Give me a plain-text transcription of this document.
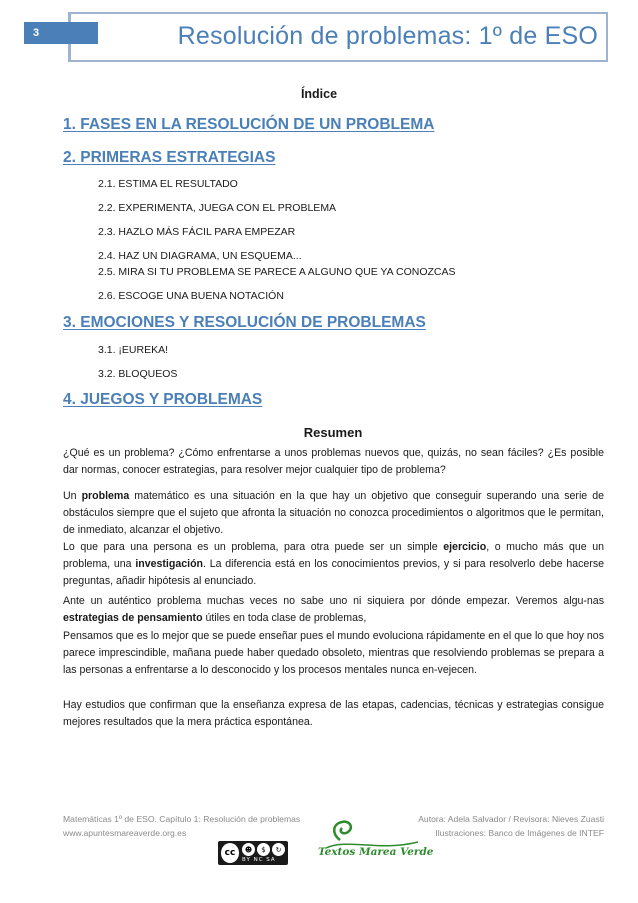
3	Resolución de problemas: 1º de ESO
Índice
1. FASES EN LA RESOLUCIÓN DE UN PROBLEMA
2. PRIMERAS ESTRATEGIAS
2.1. ESTIMA EL RESULTADO
2.2. EXPERIMENTA, JUEGA CON EL PROBLEMA
2.3. HAZLO MÁS FÁCIL PARA EMPEZAR
2.4. HAZ UN DIAGRAMA, UN ESQUEMA...
2.5. MIRA SI TU PROBLEMA SE PARECE A ALGUNO QUE YA CONOZCAS
2.6. ESCOGE UNA BUENA NOTACIÓN
3. EMOCIONES Y RESOLUCIÓN DE PROBLEMAS
3.1. ¡EUREKA!
3.2. BLOQUEOS
4. JUEGOS Y PROBLEMAS
Resumen
¿Qué es un problema? ¿Cómo enfrentarse a unos problemas nuevos que, quizás, no sean fáciles? ¿Es posible dar normas, conocer estrategias, para resolver mejor cualquier tipo de problema?
Un problema matemático es una situación en la que hay un objetivo que conseguir superando una serie de obstáculos siempre que el sujeto que afronta la situación no conozca procedimientos o algoritmos que le permitan, de inmediato, alcanzar el objetivo.
Lo que para una persona es un problema, para otra puede ser un simple ejercicio, o mucho más que un problema, una investigación. La diferencia está en los conocimientos previos, y si para resolverlo debe hacerse preguntas, añadir hipótesis al enunciado.
Ante un auténtico problema muchas veces no sabe uno ni siquiera por dónde empezar. Veremos algu-nas estrategias de pensamiento útiles en toda clase de problemas,
Pensamos que es lo mejor que se puede enseñar pues el mundo evoluciona rápidamente en el que lo que hoy nos parece imprescindible, mañana puede haber quedado obsoleto, mientras que resolviendo problemas se prepara a las personas a enfrentarse a lo desconocido y los procesos mentales nunca en-vejecen.
Hay estudios que confirman que la enseñanza expresa de las etapas, cadencias, técnicas y estrategias consigue mejores resultados que la mera práctica espontánea.
Matemáticas 1º de ESO. Capítulo 1: Resolución de problemas
www.apuntesmareaverde.org.es
Autora: Adela Salvador / Revisora: Nieves Zuasti
Ilustraciones: Banco de Imágenes de INTEF
cc	☻	$	↻
BY NC SA
Textos Marea Verde
